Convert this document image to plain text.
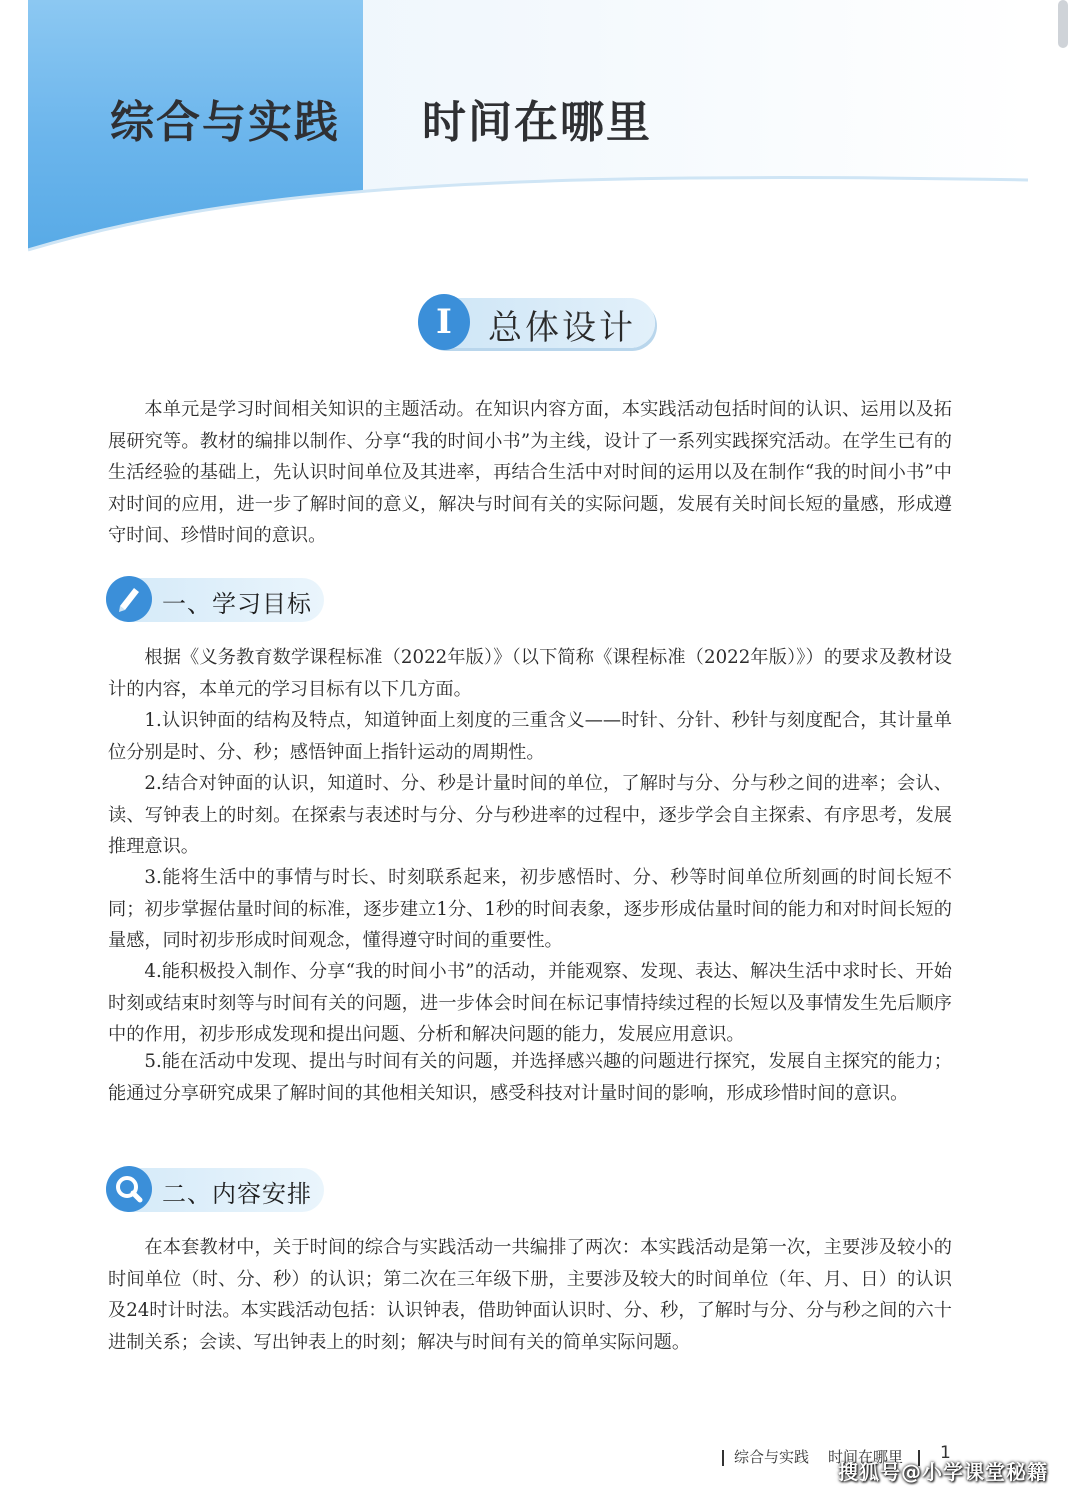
综合与实践 时间在哪里
I	总体设计

本单元是学习时间相关知识的主题活动。在知识内容方面，本实践活动包括时间的认识、运用以及拓展研究等。教材的编排以制作、分享“我的时间小书”为主线，设计了一系列实践探究活动。在学生已有的生活经验的基础上，先认识时间单位及其进率，再结合生活中对时间的运用以及在制作“我的时间小书”中对时间的应用，进一步了解时间的意义，解决与时间有关的实际问题，发展有关时间长短的量感，形成遵守时间、珍惜时间的意识。

一、学习目标

根据《义务教育数学课程标准（2022年版）》（以下简称《课程标准（2022年版）》）的要求及教材设计的内容，本单元的学习目标有以下几方面。

1.认识钟面的结构及特点，知道钟面上刻度的三重含义——时针、分针、秒针与刻度配合，其计量单位分别是时、分、秒；感悟钟面上指针运动的周期性。

2.结合对钟面的认识，知道时、分、秒是计量时间的单位，了解时与分、分与秒之间的进率；会认、读、写钟表上的时刻。在探索与表述时与分、分与秒进率的过程中，逐步学会自主探索、有序思考，发展推理意识。

3.能将生活中的事情与时长、时刻联系起来，初步感悟时、分、秒等时间单位所刻画的时间长短不同；初步掌握估量时间的标准，逐步建立1分、1秒的时间表象，逐步形成估量时间的能力和对时间长短的量感，同时初步形成时间观念，懂得遵守时间的重要性。

4.能积极投入制作、分享“我的时间小书”的活动，并能观察、发现、表达、解决生活中求时长、开始时刻或结束时刻等与时间有关的问题，进一步体会时间在标记事情持续过程的长短以及事情发生先后顺序中的作用，初步形成发现和提出问题、分析和解决问题的能力，发展应用意识。

5.能在活动中发现、提出与时间有关的问题，并选择感兴趣的问题进行探究，发展自主探究的能力；能通过分享研究成果了解时间的其他相关知识，感受科技对计量时间的影响，形成珍惜时间的意识。

二、内容安排

在本套教材中，关于时间的综合与实践活动一共编排了两次：本实践活动是第一次，主要涉及较小的时间单位（时、分、秒）的认识；第二次在三年级下册，主要涉及较大的时间单位（年、月、日）的认识及24时计时法。本实践活动包括：认识钟表，借助钟面认识时、分、秒，了解时与分、分与秒之间的六十进制关系；会读、写出钟表上的时刻；解决与时间有关的简单实际问题。

综合与实践 时间在哪里 1
搜狐号@小学课堂秘籍
